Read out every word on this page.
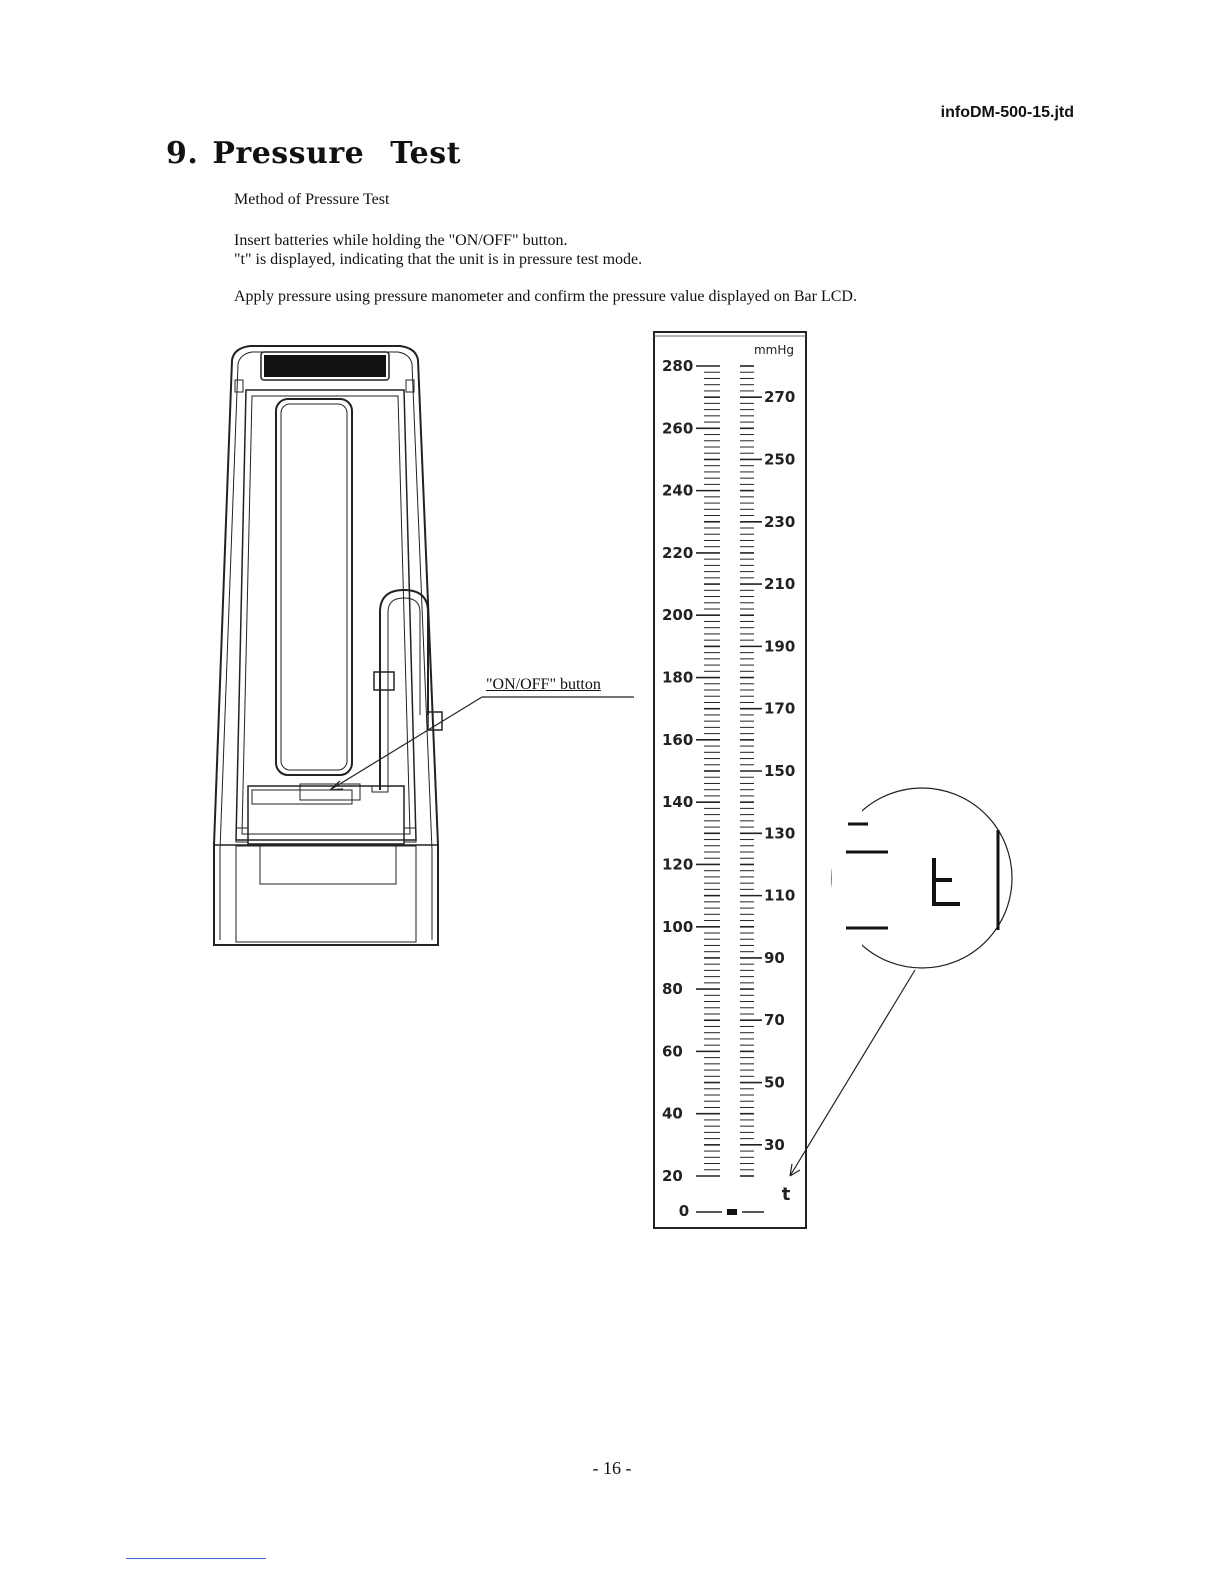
infoDM-500-15.jtd
9. Pressure Test
Method of Pressure Test
Insert batteries while holding the "ON/OFF" button.
"t" is displayed, indicating that the unit is in pressure test mode.
Apply pressure using pressure manometer and confirm the pressure value displayed on Bar LCD.
"ON/OFF" button
mmHg
280
260
240
220
200
180
160
140
120
100
80
60
40
20
270
250
230
210
190
170
150
130
110
90
70
50
30
0
t
- 16 -
